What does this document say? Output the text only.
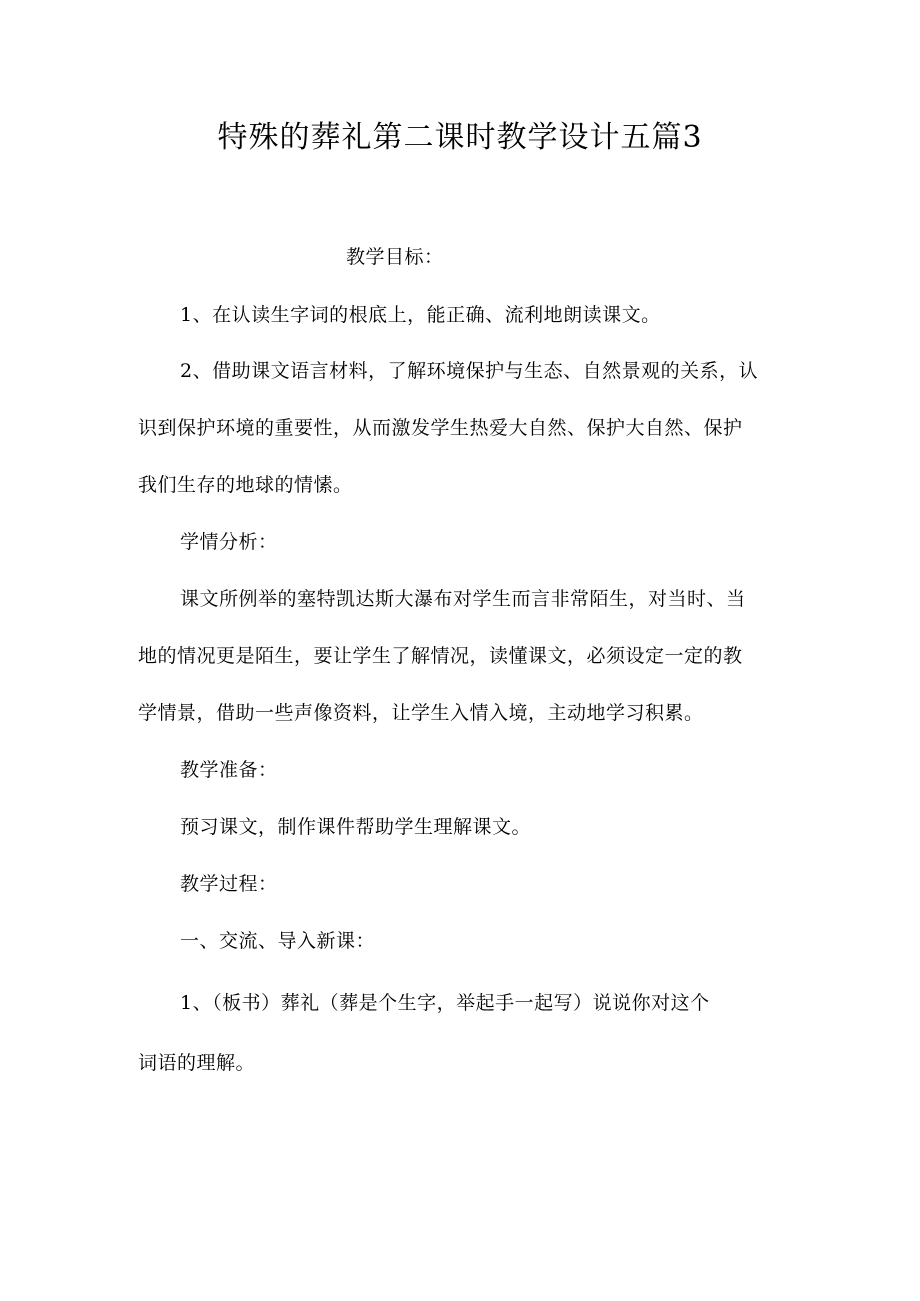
特殊的葬礼第二课时教学设计五篇3
教学目标：
1、在认读生字词的根底上，能正确、流利地朗读课文。
2、借助课文语言材料，了解环境保护与生态、自然景观的关系，认
识到保护环境的重要性，从而激发学生热爱大自然、保护大自然、保护
我们生存的地球的情愫。
学情分析：
课文所例举的塞特凯达斯大瀑布对学生而言非常陌生，对当时、当
地的情况更是陌生，要让学生了解情况，读懂课文，必须设定一定的教
学情景，借助一些声像资料，让学生入情入境，主动地学习积累。
教学准备：
预习课文，制作课件帮助学生理解课文。
教学过程：
一、交流、导入新课：
1、（板书）葬礼（葬是个生字，举起手一起写）说说你对这个
词语的理解。
